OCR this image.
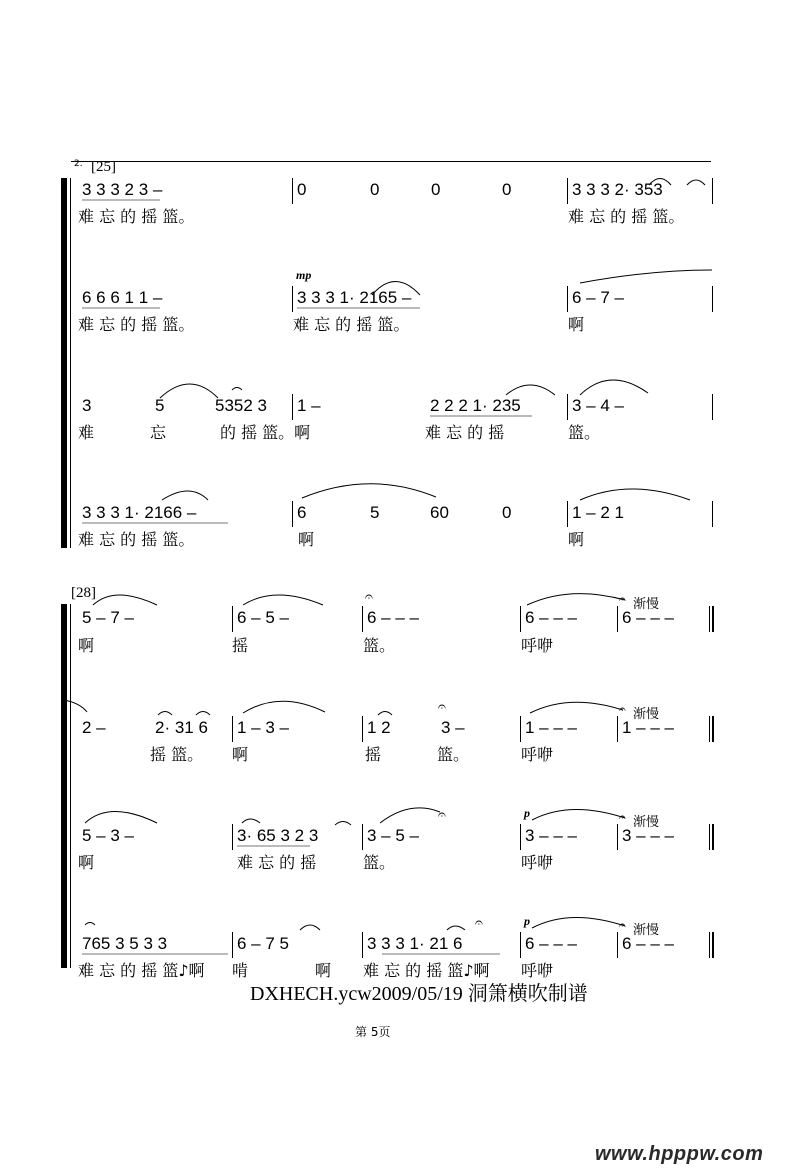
2. [25]
3 3 3 2 3 –
难 忘 的 摇 篮。
0	0	0	0	3 3 3 2· 353
难 忘 的 摇 篮。
6 6 6 1 1 –
难 忘 的 摇 篮。
mp
3 3 3 1· 2165 –
难 忘 的 摇 篮。
6 – 7 –
啊
3	5	5352 3
难	忘	的 摇 篮。啊
1 –	2 2 2 1· 235
难 忘 的 摇
3 – 4 –
篮。
3 3 3 1· 2166 –
难 忘 的 摇 篮。
6	5	60	0
啊
1 – 2 1
啊
[28]
5 – 7 –
啊
6 – 5 –
摇
𝄐
6 – – –
篮。
6 – – –
呼咿
𝄐 渐慢
6 – – –
2 –	2· 31 6
摇 篮。
1 – 3 –
啊
1 2
𝄐
3 –
摇	篮。
1 – – –
呼咿
𝄐 渐慢
1 – – –
5 – 3 –
啊
3· 65 3 2 3
难 忘 的 摇
3 – 5 –
𝄐
篮。
p
3 – – –
呼咿
𝄐 渐慢
3 – – –
765 3 5 3 3
难 忘 的 摇 篮♪啊
6 – 7 5
啃	啊
3 3 3 1· 21 6
𝄐
难 忘 的 摇 篮♪啊
p
6 – – –
呼咿
𝄐 渐慢
6 – – –
DXHECH.ycw2009/05/19 洞箫横吹制谱
第 5页
www.hpppw.com
